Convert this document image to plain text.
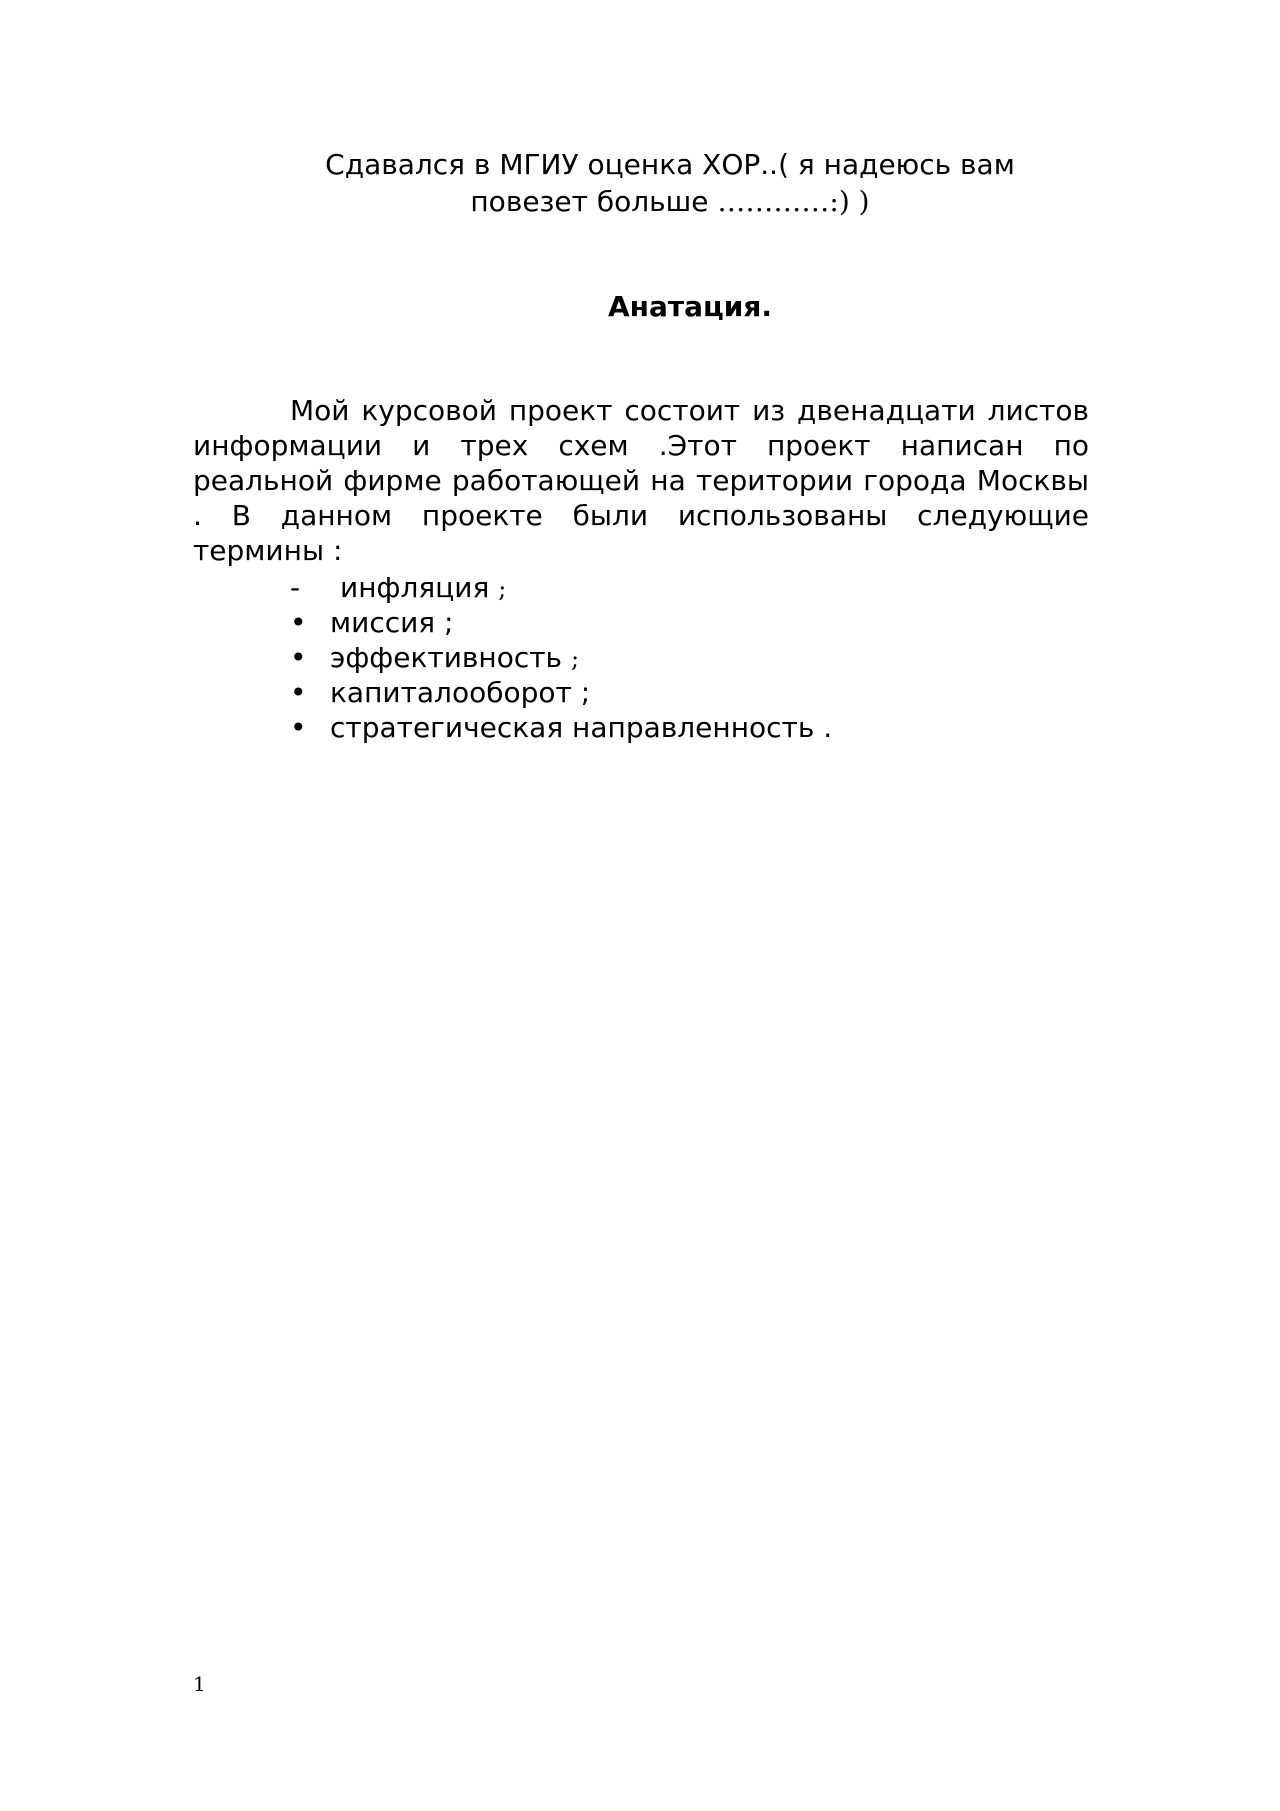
Сдавался в МГИУ оценка ХОР..( я надеюсь вам
повезет больше …………:) )
Анатация.

Мой курсовой проект состоит из двенадцати листов информации и трех схем .Этот проект написан по реальной фирме работающей на територии города Москвы . В данном проекте были использованы следующие термины :

-	инфляция
;
• миссия ;
• эффективность
;
• капиталооборот ;
• стратегическая направленность .
1
